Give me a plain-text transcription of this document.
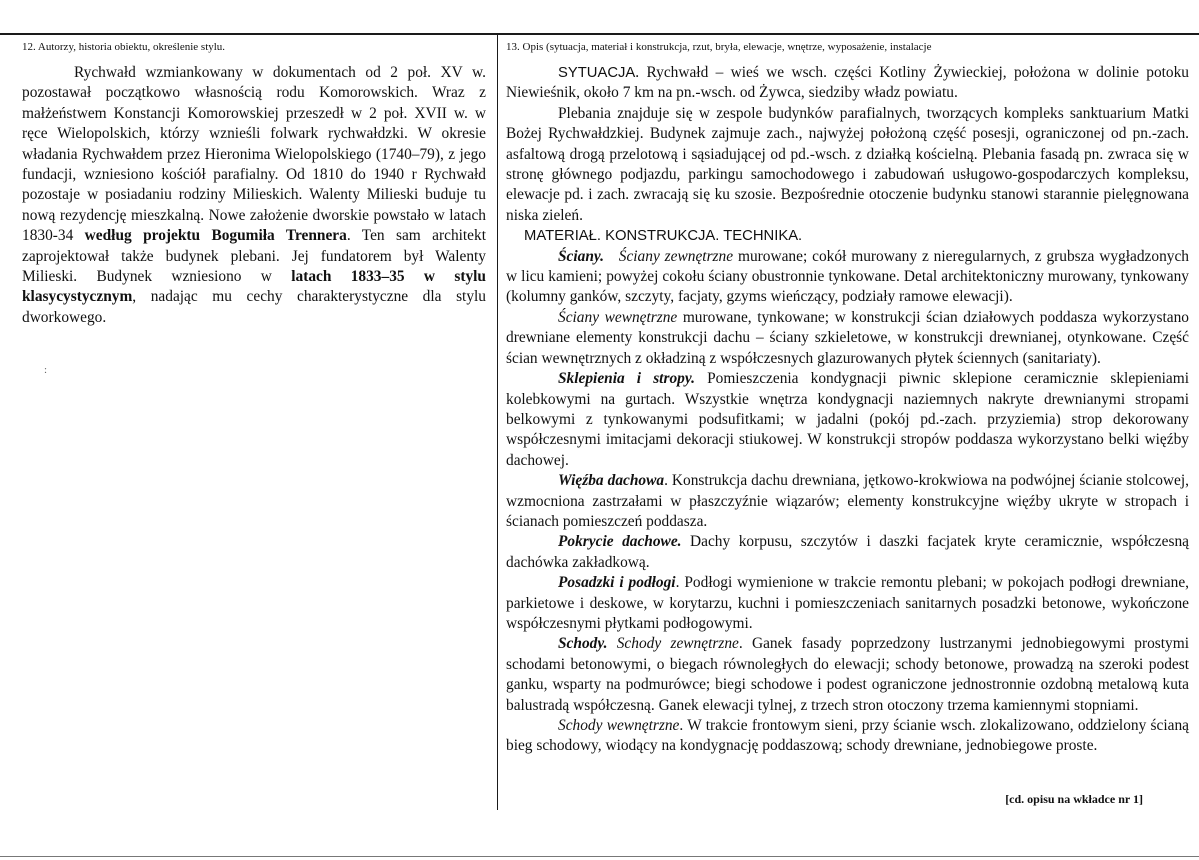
12. Autorzy, historia obiektu, określenie stylu.

Rychwałd wzmiankowany w dokumentach od 2 poł. XV w. pozostawał początkowo własnością rodu Komorowskich. Wraz z małżeństwem Konstancji Komorowskiej przeszedł w 2 poł. XVII w. w ręce Wielopolskich, którzy wznieśli folwark rychwałdzki. W okresie władania Rychwałdem przez Hieronima Wielopolskiego (1740–79), z jego fundacji, wzniesiono kościół parafialny. Od 1810 do 1940 r Rychwałd pozostaje w posiadaniu rodziny Milieskich. Walenty Milieski buduje tu nową rezydencję mieszkalną. Nowe założenie dworskie powstało w latach 1830-34 według projektu Bogumiła Trennera. Ten sam architekt zaprojektował także budynek plebani. Jej fundatorem był Walenty Milieski. Budynek wzniesiono w latach 1833–35 w stylu klasycystycznym, nadając mu cechy charakterystyczne dla stylu dworkowego.

:
13. Opis (sytuacja, materiał i konstrukcja, rzut, bryła, elewacje, wnętrze, wyposażenie, instalacje

SYTUACJA. Rychwałd – wieś we wsch. części Kotliny Żywieckiej, położona w dolinie potoku Niewieśnik, około 7 km na pn.-wsch. od Żywca, siedziby władz powiatu.

Plebania znajduje się w zespole budynków parafialnych, tworzących kompleks sanktuarium Matki Bożej Rychwałdzkiej. Budynek zajmuje zach., najwyżej położoną część posesji, ograniczonej od pn.-zach. asfaltową drogą przelotową i sąsiadującej od pd.-wsch. z działką kościelną. Plebania fasadą pn. zwraca się w stronę głównego podjazdu, parkingu samochodowego i zabudowań usługowo-gospodarczych kompleksu, elewacje pd. i zach. zwracają się ku szosie. Bezpośrednie otoczenie budynku stanowi starannie pielęgnowana niska zieleń.

MATERIAŁ. KONSTRUKCJA. TECHNIKA.

Ściany. Ściany zewnętrzne murowane; cokół murowany z nieregularnych, z grubsza wygładzonych w licu kamieni; powyżej cokołu ściany obustronnie tynkowane. Detal architektoniczny murowany, tynkowany (kolumny ganków, szczyty, facjaty, gzyms wieńczący, podziały ramowe elewacji).

Ściany wewnętrzne murowane, tynkowane; w konstrukcji ścian działowych poddasza wykorzystano drewniane elementy konstrukcji dachu – ściany szkieletowe, w konstrukcji drewnianej, otynkowane. Część ścian wewnętrznych z okładziną z współczesnych glazurowanych płytek ściennych (sanitariaty).

Sklepienia i stropy. Pomieszczenia kondygnacji piwnic sklepione ceramicznie sklepieniami kolebkowymi na gurtach. Wszystkie wnętrza kondygnacji naziemnych nakryte drewnianymi stropami belkowymi z tynkowanymi podsufitkami; w jadalni (pokój pd.-zach. przyziemia) strop dekorowany współczesnymi imitacjami dekoracji stiukowej. W konstrukcji stropów poddasza wykorzystano belki więźby dachowej.

Więźba dachowa. Konstrukcja dachu drewniana, jętkowo-krokwiowa na podwójnej ścianie stolcowej, wzmocniona zastrzałami w płaszczyźnie wiązarów; elementy konstrukcyjne więźby ukryte w stropach i ścianach pomieszczeń poddasza.

Pokrycie dachowe. Dachy korpusu, szczytów i daszki facjatek kryte ceramicznie, współczesną dachówka zakładkową.

Posadzki i podłogi. Podłogi wymienione w trakcie remontu plebani; w pokojach podłogi drewniane, parkietowe i deskowe, w korytarzu, kuchni i pomieszczeniach sanitarnych posadzki betonowe, wykończone współczesnymi płytkami podłogowymi.

Schody. Schody zewnętrzne. Ganek fasady poprzedzony lustrzanymi jednobiegowymi prostymi schodami betonowymi, o biegach równoległych do elewacji; schody betonowe, prowadzą na szeroki podest ganku, wsparty na podmurówce; biegi schodowe i podest ograniczone jednostronnie ozdobną metalową kuta balustradą współczesną. Ganek elewacji tylnej, z trzech stron otoczony trzema kamiennymi stopniami.

Schody wewnętrzne. W trakcie frontowym sieni, przy ścianie wsch. zlokalizowano, oddzielony ścianą bieg schodowy, wiodący na kondygnację poddaszową; schody drewniane, jednobiegowe proste.

[cd. opisu na wkładce nr 1]
